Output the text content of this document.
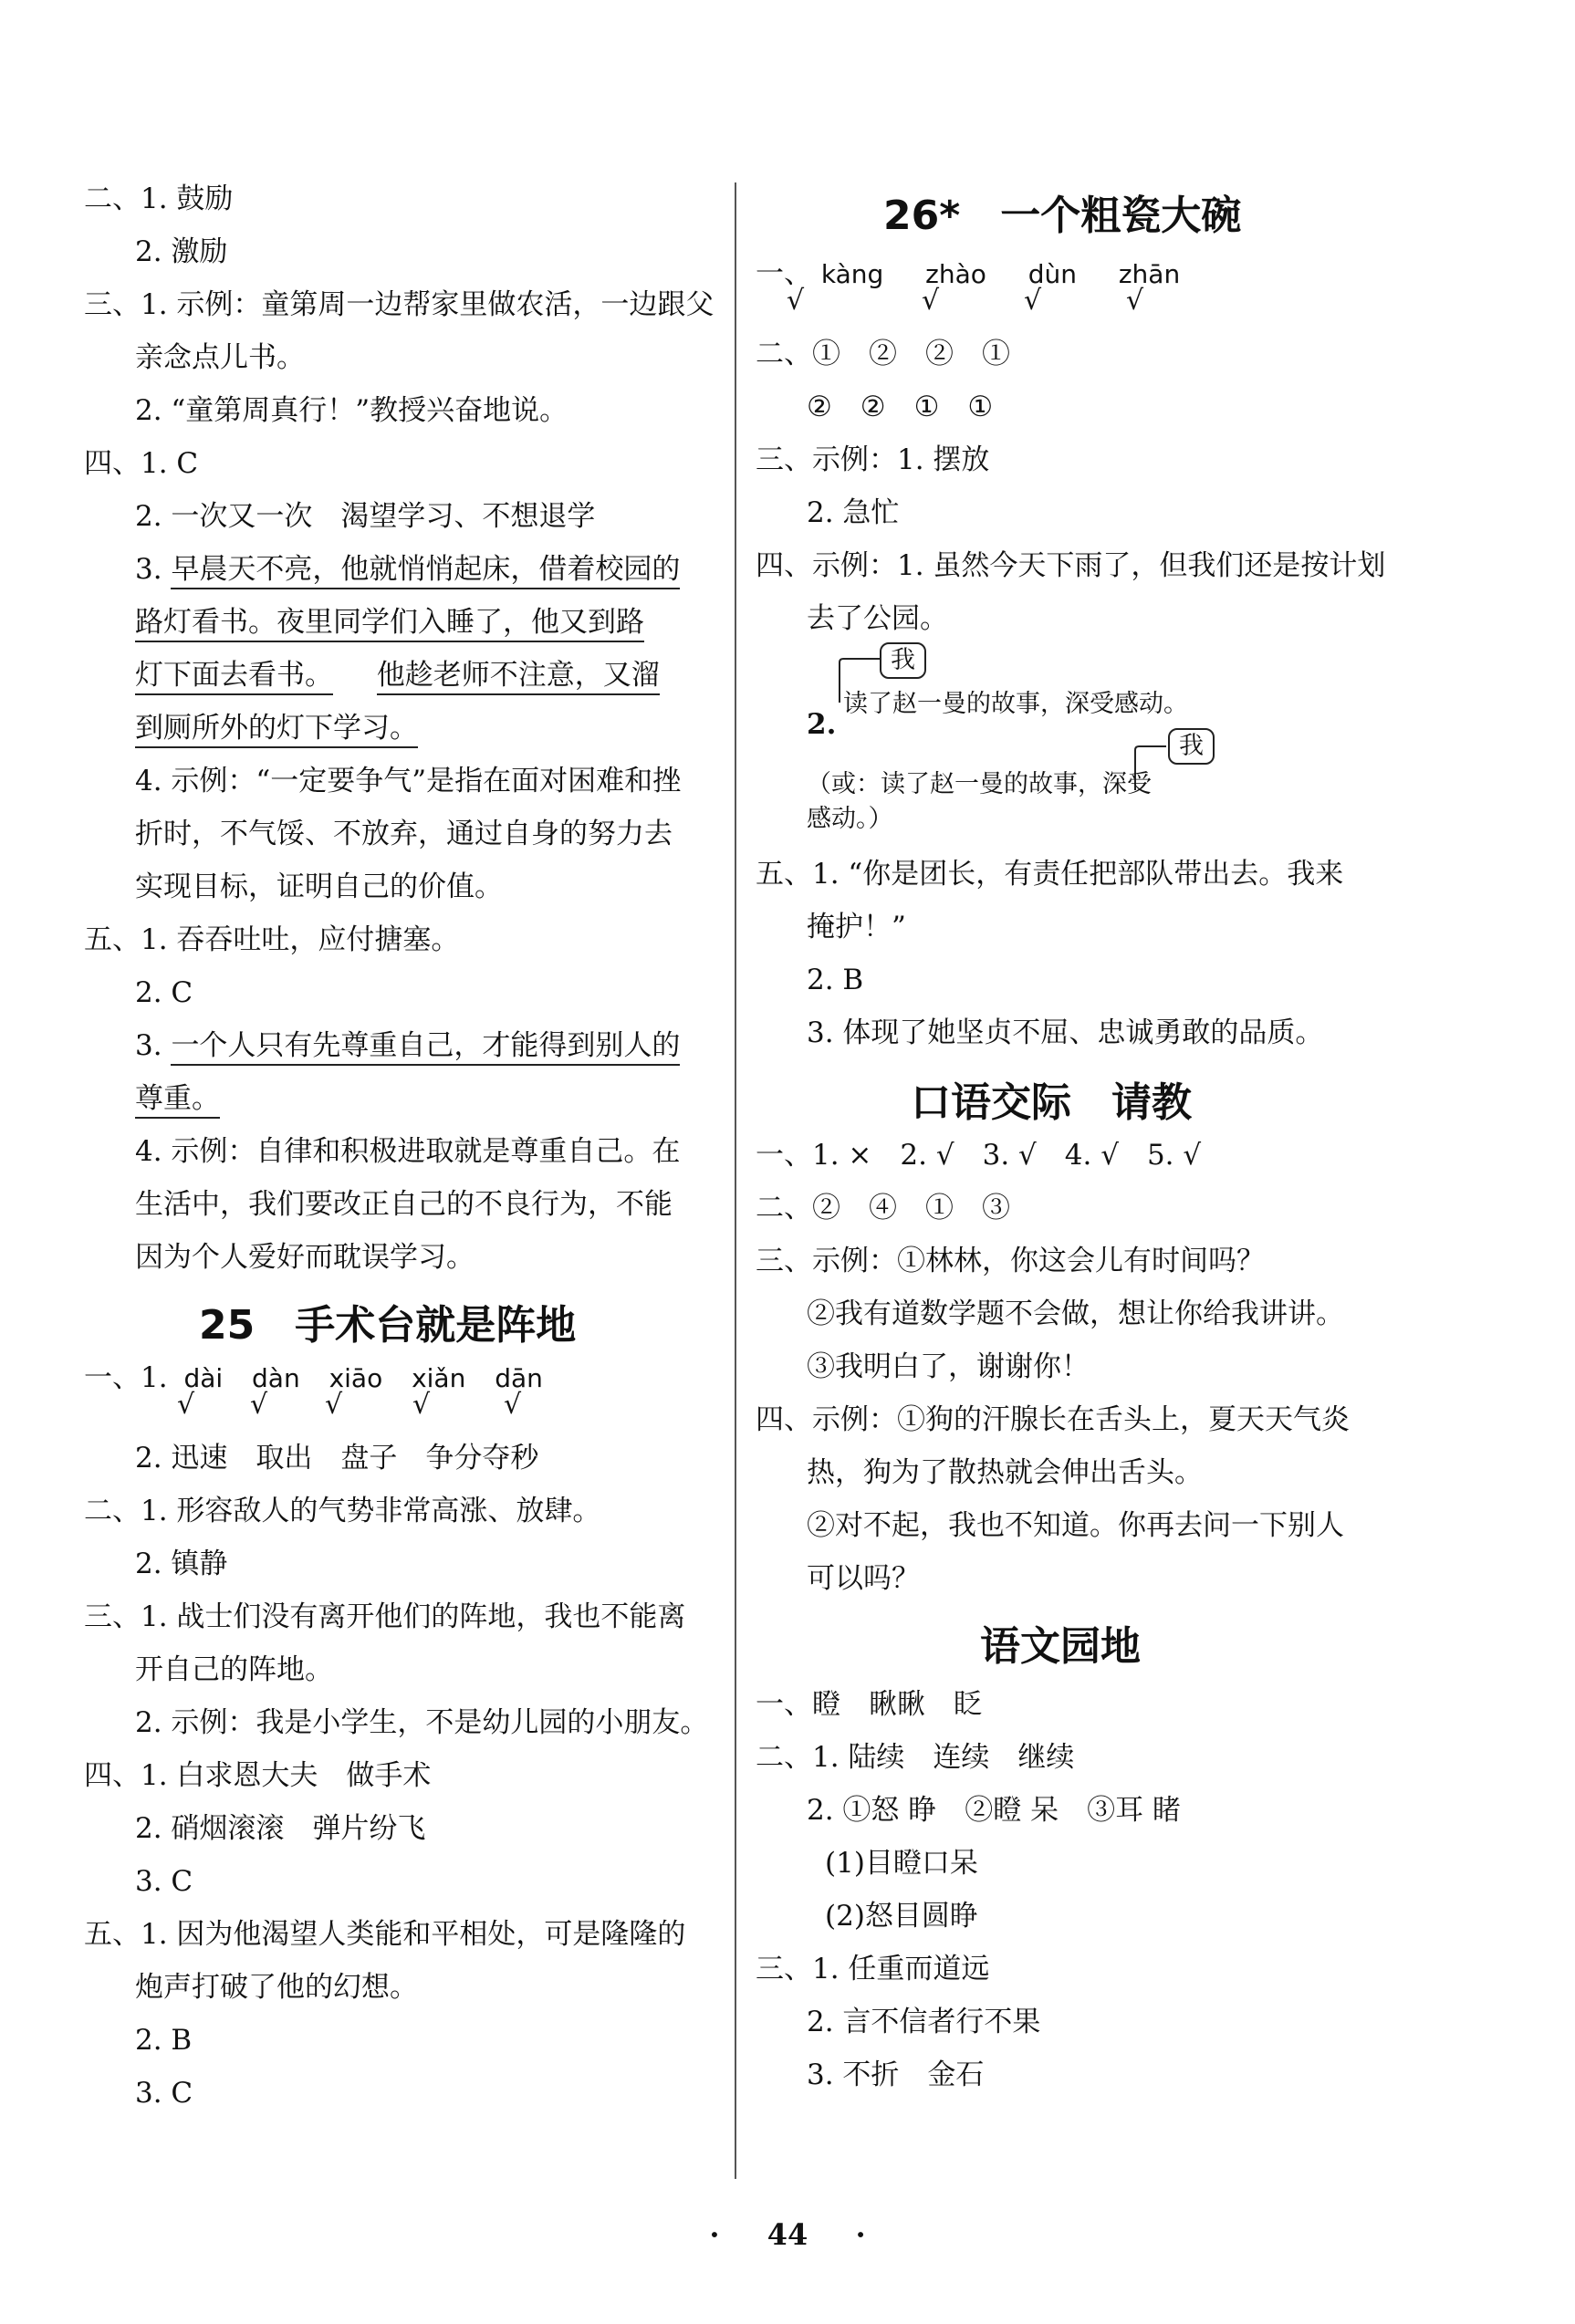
二、1. 鼓励
2. 激励
三、1. 示例：童第周一边帮家里做农活，一边跟父
亲念点儿书。
2. “童第周真行！”教授兴奋地说。
四、1. C
2. 一次又一次　渴望学习、不想退学
3. 早晨天不亮，他就悄悄起床，借着校园的
路灯看书。夜里同学们入睡了，他又到路
灯下面去看书。 他趁老师不注意，又溜
到厕所外的灯下学习。
4. 示例：“一定要争气”是指在面对困难和挫
折时，不气馁、不放弃，通过自身的努力去
实现目标，证明自己的价值。
五、1. 吞吞吐吐，应付搪塞。
2. C
3. 一个人只有先尊重自己，才能得到别人的
尊重。
4. 示例：自律和积极进取就是尊重自己。在
生活中，我们要改正自己的不良行为，不能
因为个人爱好而耽误学习。
25　手术台就是阵地
一、1. dài dàn xiāo xiǎn dān
√ √ √	√	√
2. 迅速　取出　盘子　争分夺秒
二、1. 形容敌人的气势非常高涨、放肆。
2. 镇静
三、1. 战士们没有离开他们的阵地，我也不能离
开自己的阵地。
2. 示例：我是小学生，不是幼儿园的小朋友。
四、1. 白求恩大夫　做手术
2. 硝烟滚滚　弹片纷飞
3. C
五、1. 因为他渴望人类能和平相处，可是隆隆的
炮声打破了他的幻想。
2. B
3. C
26*　一个粗瓷大碗
一、 kàng zhào dùn zhān
√	√	√	√
二、①　②　②　①
②　②　①　①
三、示例：1. 摆放
2. 急忙
四、示例：1. 虽然今天下雨了，但我们还是按计划
去了公园。
我
读了赵一曼的故事，深受感动。
2.
我
（或：读了赵一曼的故事，深受
感动。）
五、1. “你是团长，有责任把部队带出去。我来
掩护！”
2. B
3. 体现了她坚贞不屈、忠诚勇敢的品质。
口语交际　请教
一、1. ×　2. √　3. √　4. √　5. √
二、②　④　①　③
三、示例：①林林，你这会儿有时间吗？
②我有道数学题不会做，想让你给我讲讲。
③我明白了，谢谢你！
四、示例：①狗的汗腺长在舌头上，夏天天气炎
热，狗为了散热就会伸出舌头。
②对不起，我也不知道。你再去问一下别人
可以吗？
语文园地
一、瞪　瞅瞅　眨
二、1. 陆续　连续　继续
2. ①怒 睁　②瞪 呆　③耳 睹
(1)目瞪口呆
(2)怒目圆睁
三、1. 任重而道远
2. 言不信者行不果
3. 不折　金石
· 44 ·
